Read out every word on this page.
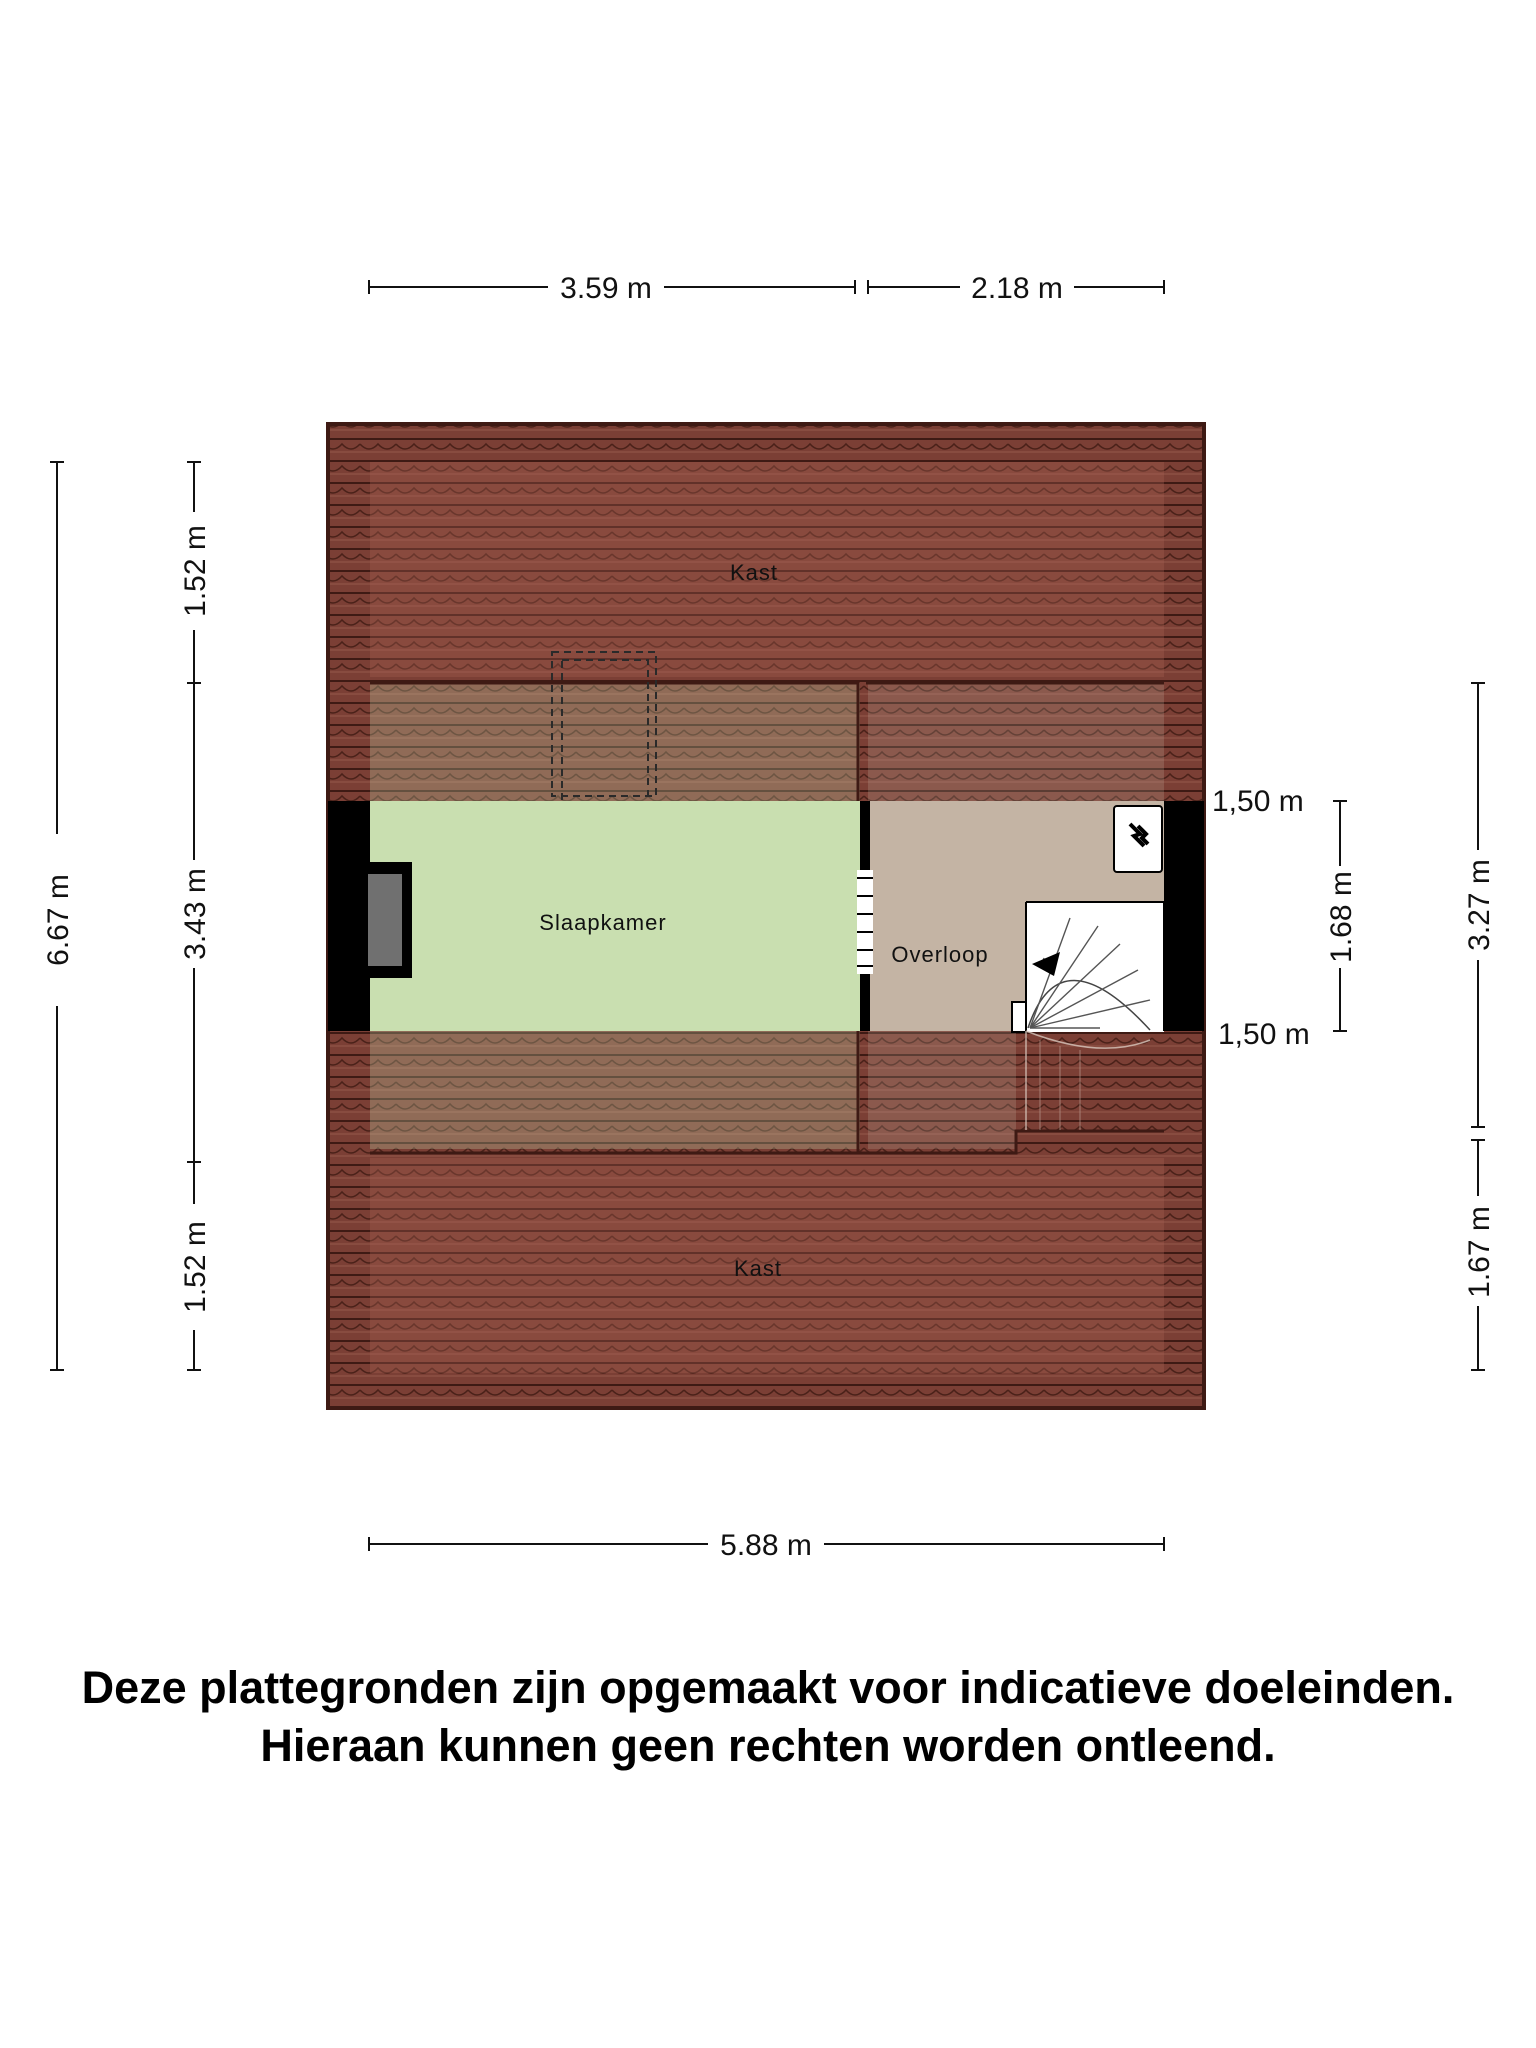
Kast
Slaapkamer
Overloop
Kast
3.59 m	2.18 m
5.88 m
6.67 m
1.52 m
3.43 m
1.52 m
1,50 m
1,50 m
1.68 m	3.27 m
1.67 m
Deze plattegronden zijn opgemaakt voor indicatieve doeleinden.
Hieraan kunnen geen rechten worden ontleend.
